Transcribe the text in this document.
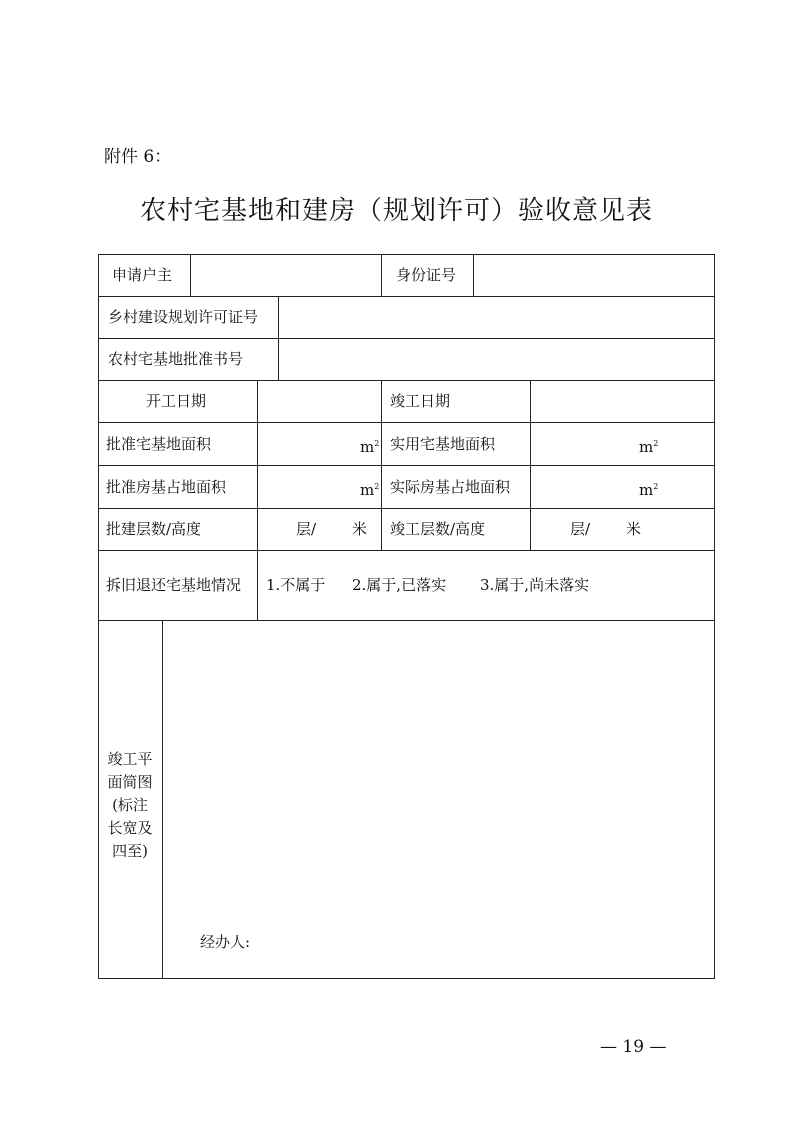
附件 6：
农村宅基地和建房（规划许可）验收意见表
申请户主	身份证号
乡村建设规划许可证号
农村宅基地批准书号
开工日期	竣工日期
批准宅基地面积	$m^2$ 实用宅基地面积	$m^2$
批准房基占地面积	$m^2$ 实际房基占地面积	$m^2$
批建层数/高度	层/ 米 竣工层数/高度	层/ 米
拆旧退还宅基地情况 1.不属于 2.属于,已落实 3.属于,尚未落实
竣工平
面简图
(标注
长宽及
四至)
经办人:
— 19 —
